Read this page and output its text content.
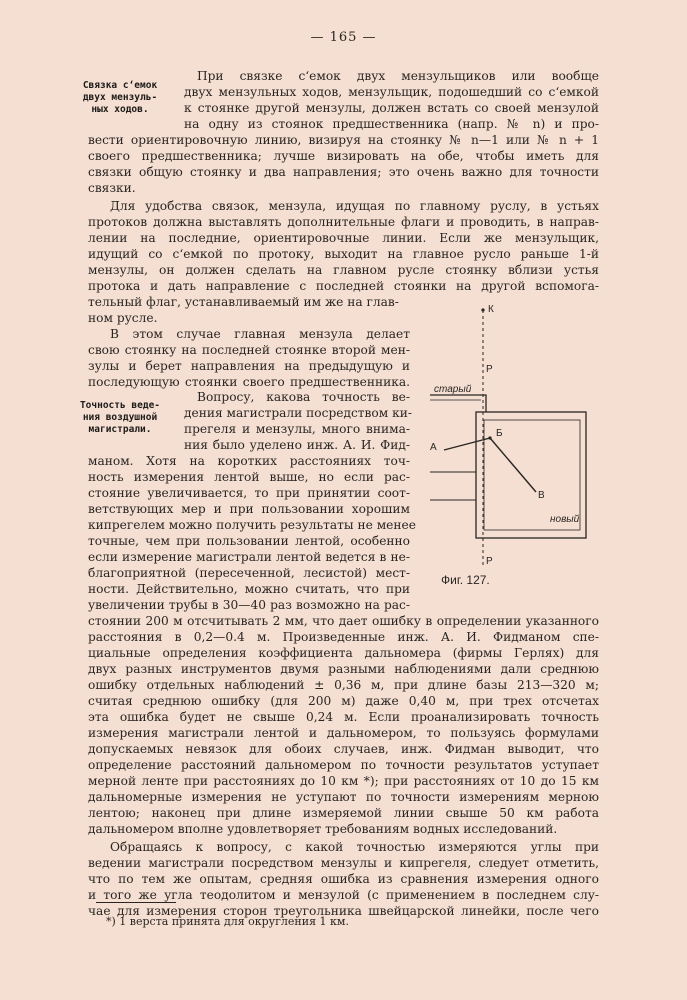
— 165 —
Связка с‘емок двух мензуль- ных ходов.
При связке с‘емок двух мензульщиков или вообще
двух мензульных ходов, мензульщик, подошедший со с‘емкой
к стоянке другой мензулы, должен встать со своей мензулой
на одну из стоянок предшественника (напр. № n) и про-
вести ориентировочную линию, визируя на стоянку № n—1 или № n + 1
своего предшественника; лучше визировать на обе, чтобы иметь для
связки общую стоянку и два направления; это очень важно для точности
связки.
Для удобства связок, мензула, идущая по главному руслу, в устьях
протоков должна выставлять дополнительные флаги и проводить, в направ-
лении на последние, ориентировочные линии. Если же мензульщик,
идущий со с‘емкой по протоку, выходит на главное русло раньше 1-й
мензулы, он должен сделать на главном русле стоянку вблизи устья
протока и дать направление с последней стоянки на другой вспомога-
тельный флаг, устанавливаемый им же на глав-
ном русле.
В этом случае главная мензула делает
свою стоянку на последней стоянке второй мен-
зулы и берет направления на предыдущую и
последующую стоянки своего предшественника.
Точность веде- ния воздушной магистрали.
Вопросу, какова точность ве-
дения магистрали посредством ки-
прегеля и мензулы, много внима-
ния было уделено инж. А. И. Фид-
маном. Хотя на коротких расстояниях точ-
ность измерения лентой выше, но если рас-
стояние увеличивается, то при принятии соот-
ветствующих мер и при пользовании хорошим
кипрегелем можно получить результаты не менее
точные, чем при пользовании лентой, особенно
если измерение магистрали лентой ведется в не-
благоприятной (пересеченной, лесистой) мест-
ности. Действительно, можно считать, что при
увеличении трубы в 30—40 раз возможно на рас-
стоянии 200 м отсчитывать 2 мм, что дает ошибку в определении указанного
расстояния в 0,2—0.4 м. Произведенные инж. А. И. Фидманом спе-
циальные определения коэффициента дальномера (фирмы Герлях) для
двух разных инструментов двумя разными наблюдениями дали среднюю
ошибку отдельных наблюдений ± 0,36 м, при длине базы 213—320 м;
считая среднюю ошибку (для 200 м) даже 0,40 м, при трех отсчетах
эта ошибка будет не свыше 0,24 м. Если проанализировать точность
измерения магистрали лентой и дальномером, то пользуясь формулами
допускаемых невязок для обоих случаев, инж. Фидман выводит, что
определение расстояний дальномером по точности результатов уступает
мерной ленте при расстояниях до 10 км *); при расстояниях от 10 до 15 км
дальномерные измерения не уступают по точности измерениям мерною
лентою; наконец при длине измеряемой линии свыше 50 км работа
дальномером вполне удовлетворяет требованиям водных исследований.
Обращаясь к вопросу, с какой точностью измеряются углы при
ведении магистрали посредством мензулы и кипрегеля, следует отметить,
что по тем же опытам, средняя ошибка из сравнения измерения одного
и того же угла теодолитом и мензулой (с применением в последнем слу-
чае для измерения сторон треугольника швейцарской линейки, после чего
К
Р
старый
А
Б
В
новый
Р
Фиг. 127.
*) 1 верста принята для округления 1 км.
